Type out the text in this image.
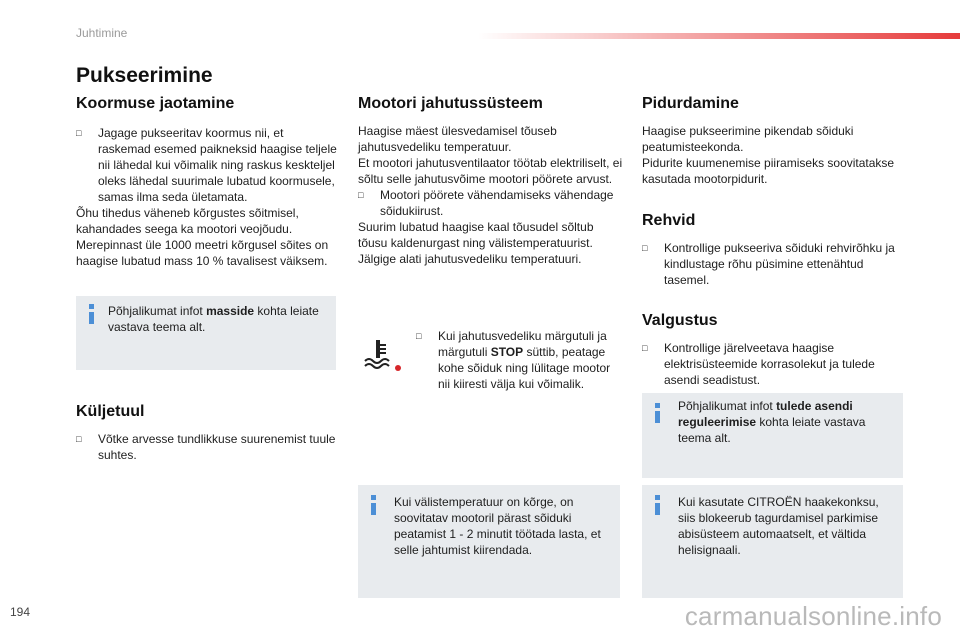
Juhtimine
Pukseerimine
Koormuse jaotamine
□ Jagage pukseeritav koormus nii, et raskemad esemed paikneksid haagise teljele nii lähedal kui võimalik ning raskus keskteljel oleks lähedal suurimale lubatud koormusele, samas ilma seda ületamata.

Õhu tihedus väheneb kõrgustes sõitmisel, kahandades seega ka mootori veojõudu. Merepinnast üle 1000 meetri kõrgusel sõites on haagise lubatud mass 10 % tavalisest väiksem.

Põhjalikumat infot masside kohta leiate vastava teema alt.

Küljetuul
□ Võtke arvesse tundlikkuse suurenemist tuule suhtes.
Mootori jahutussüsteem

Haagise mäest ülesvedamisel tõuseb jahutusvedeliku temperatuur.

Et mootori jahutusventilaator töötab elektriliselt, ei sõltu selle jahutusvõime mootori pöörete arvust.

□ Mootori pöörete vähendamiseks vähendage sõidukiirust.

Suurim lubatud haagise kaal tõusudel sõltub tõusu kaldenurgast ning välistemperatuurist. Jälgige alati jahutusvedeliku temperatuuri.

□ Kui jahutusvedeliku märgutuli ja märgutuli STOP süttib, peatage kohe sõiduk ning lülitage mootor nii kiiresti välja kui võimalik.

Kui välistemperatuur on kõrge, on soovitatav mootoril pärast sõiduki peatamist 1 - 2 minutit töötada lasta, et selle jahtumist kiirendada.

Pidurdamine

Haagise pukseerimine pikendab sõiduki peatumisteekonda.

Pidurite kuumenemise piiramiseks soovitatakse kasutada mootorpidurit.

Rehvid
□ Kontrollige pukseeriva sõiduki rehvirõhku ja kindlustage rõhu püsimine ettenähtud tasemel.
Valgustus
□ Kontrollige järelveetava haagise elektrisüsteemide korrasolekut ja tulede asendi seadistust.

Põhjalikumat infot tulede asendi reguleerimise kohta leiate vastava teema alt.

Kui kasutate CITROËN haakekonksu, siis blokeerub tagurdamisel parkimise abisüsteem automaatselt, et vältida helisignaali.

194	carmanualsonline.info
